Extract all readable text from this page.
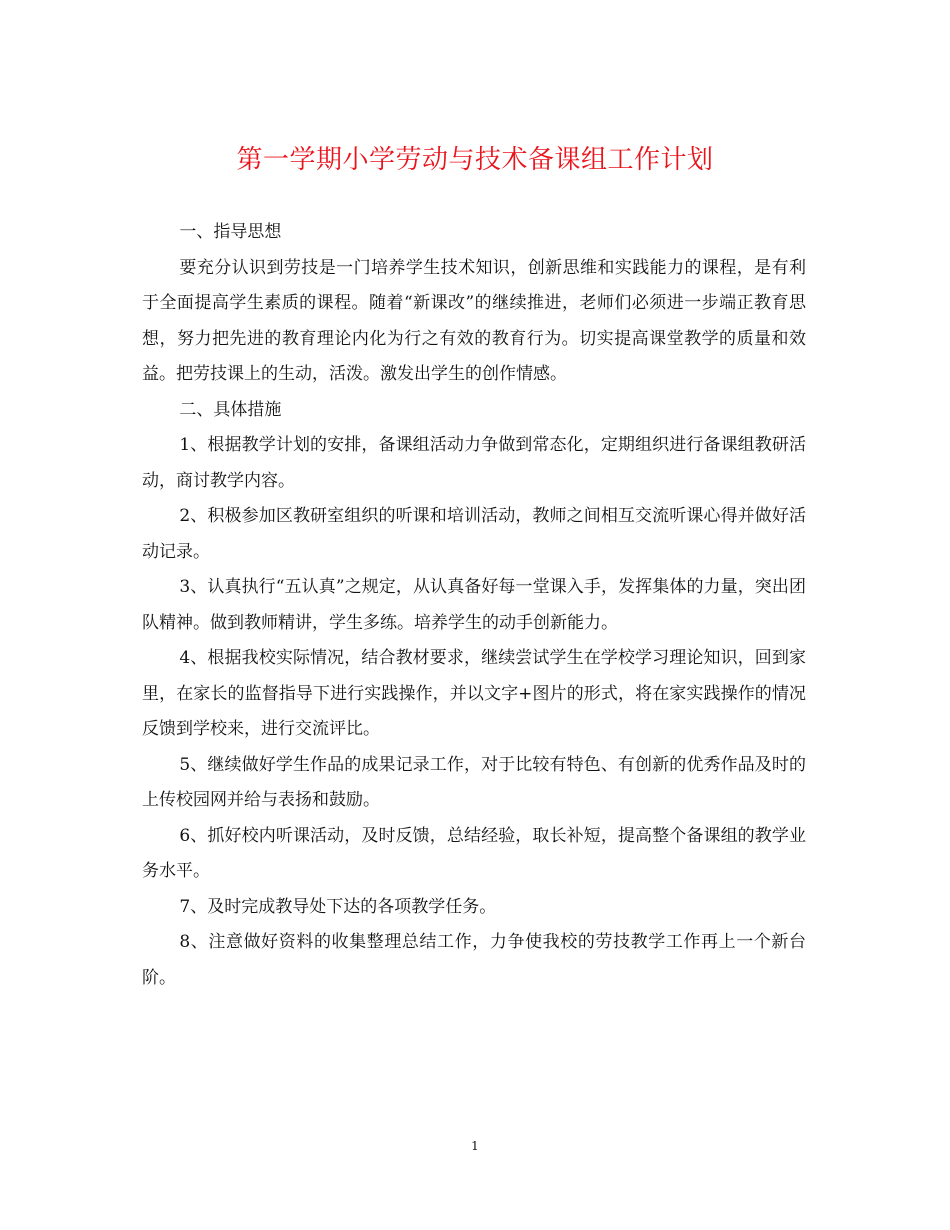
第一学期小学劳动与技术备课组工作计划

一、指导思想

要充分认识到劳技是一门培养学生技术知识，创新思维和实践能力的课程，是有利于全面提高学生素质的课程。随着“新课改”的继续推进，老师们必须进一步端正教育思想，努力把先进的教育理论内化为行之有效的教育行为。切实提高课堂教学的质量和效益。把劳技课上的生动，活泼。激发出学生的创作情感。

二、具体措施

1、根据教学计划的安排，备课组活动力争做到常态化，定期组织进行备课组教研活动，商讨教学内容。

2、积极参加区教研室组织的听课和培训活动，教师之间相互交流听课心得并做好活动记录。

3、认真执行“五认真”之规定，从认真备好每一堂课入手，发挥集体的力量，突出团队精神。做到教师精讲，学生多练。培养学生的动手创新能力。

4、根据我校实际情况，结合教材要求，继续尝试学生在学校学习理论知识，回到家里，在家长的监督指导下进行实践操作，并以文字+图片的形式，将在家实践操作的情况反馈到学校来，进行交流评比。

5、继续做好学生作品的成果记录工作，对于比较有特色、有创新的优秀作品及时的上传校园网并给与表扬和鼓励。

6、抓好校内听课活动，及时反馈，总结经验，取长补短，提高整个备课组的教学业务水平。

7、及时完成教导处下达的各项教学任务。

8、注意做好资料的收集整理总结工作，力争使我校的劳技教学工作再上一个新台阶。

1
